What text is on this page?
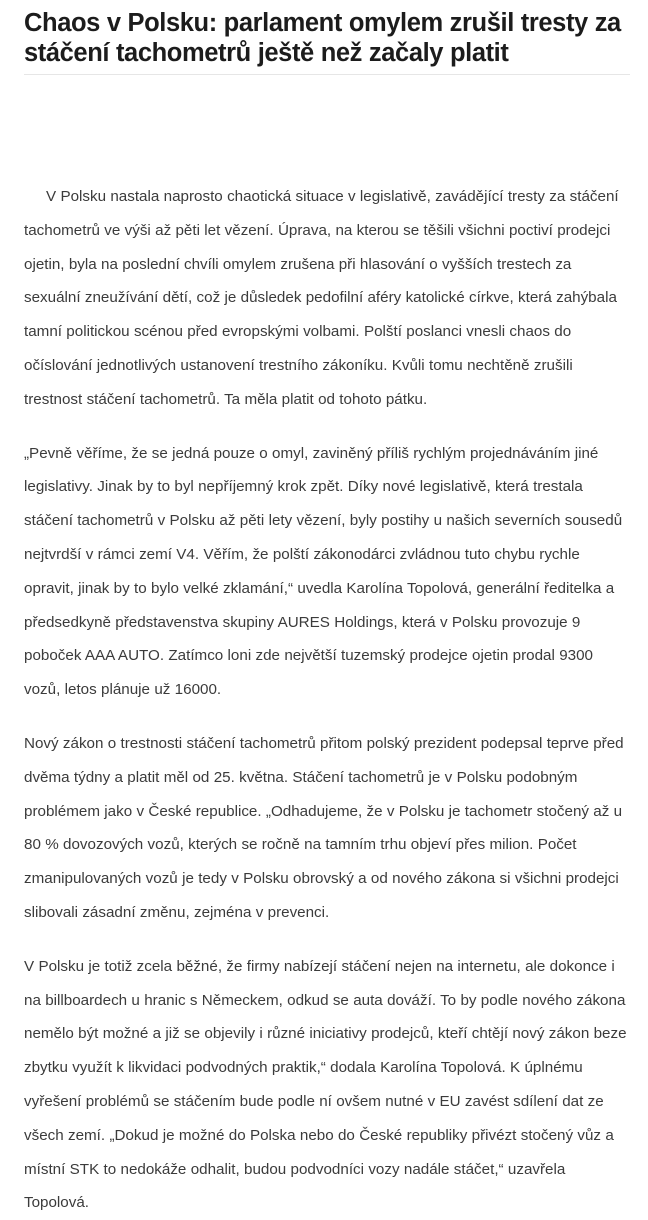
Chaos v Polsku: parlament omylem zrušil tresty za stáčení tachometrů ještě než začaly platit

V Polsku nastala naprosto chaotická situace v legislativě, zavádějící tresty za stáčení tachometrů ve výši až pěti let vězení. Úprava, na kterou se těšili všichni poctiví prodejci ojetin, byla na poslední chvíli omylem zrušena při hlasování o vyšších trestech za sexuální zneužívání dětí, což je důsledek pedofilní aféry katolické církve, která zahýbala tamní politickou scénou před evropskými volbami. Polští poslanci vnesli chaos do očíslování jednotlivých ustanovení trestního zákoníku. Kvůli tomu nechtěně zrušili trestnost stáčení tachometrů. Ta měla platit od tohoto pátku.

„Pevně věříme, že se jedná pouze o omyl, zaviněný příliš rychlým projednáváním jiné legislativy. Jinak by to byl nepříjemný krok zpět. Díky nové legislativě, která trestala stáčení tachometrů v Polsku až pěti lety vězení, byly postihy u našich severních sousedů nejtvrdší v rámci zemí V4. Věřím, že polští zákonodárci zvládnou tuto chybu rychle opravit, jinak by to bylo velké zklamání,“ uvedla Karolína Topolová, generální ředitelka a předsedkyně představenstva skupiny AURES Holdings, která v Polsku provozuje 9 poboček AAA AUTO. Zatímco loni zde největší tuzemský prodejce ojetin prodal 9300 vozů, letos plánuje už 16000.

Nový zákon o trestnosti stáčení tachometrů přitom polský prezident podepsal teprve před dvěma týdny a platit měl od 25. května. Stáčení tachometrů je v Polsku podobným problémem jako v České republice. „Odhadujeme, že v Polsku je tachometr stočený až u 80 % dovozových vozů, kterých se ročně na tamním trhu objeví přes milion. Počet zmanipulovaných vozů je tedy v Polsku obrovský a od nového zákona si všichni prodejci slibovali zásadní změnu, zejména v prevenci.

V Polsku je totiž zcela běžné, že firmy nabízejí stáčení nejen na internetu, ale dokonce i na billboardech u hranic s Německem, odkud se auta dováží. To by podle nového zákona nemělo být možné a již se objevily i různé iniciativy prodejců, kteří chtějí nový zákon beze zbytku využít k likvidaci podvodných praktik,“ dodala Karolína Topolová. K úplnému vyřešení problémů se stáčením bude podle ní ovšem nutné v EU zavést sdílení dat ze všech zemí. „Dokud je možné do Polska nebo do České republiky přivézt stočený vůz a místní STK to nedokáže odhalit, budou podvodníci vozy nadále stáčet,“ uzavřela Topolová.
